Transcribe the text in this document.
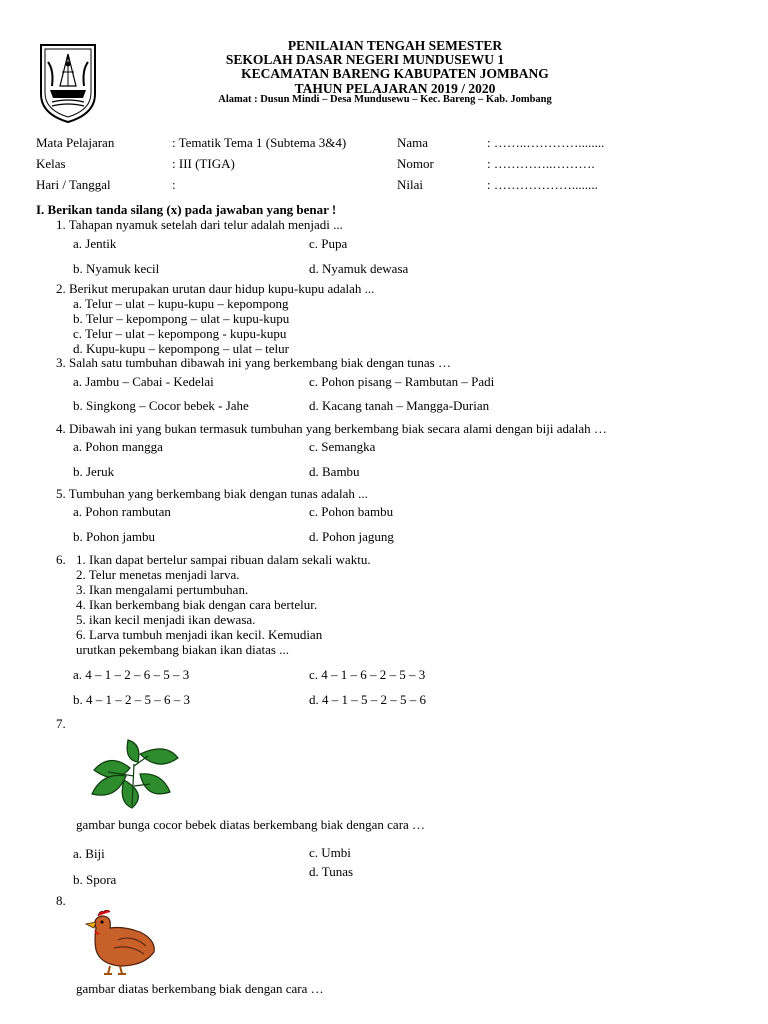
PENILAIAN TENGAH SEMESTER
SEKOLAH DASAR NEGERI MUNDUSEWU 1
KECAMATAN BARENG KABUPATEN JOMBANG
TAHUN PELAJARAN 2019 / 2020
Alamat : Dusun Mindi – Desa Mundusewu – Kec. Bareng – Kab. Jombang
Mata Pelajaran	: Tematik Tema 1 (Subtema 3&4)
Kelas	: III (TIGA)
Hari / Tanggal	:
Nama	: ……..…………........
Nomor	: …………..……….
Nilai	: ………………........
I. Berikan tanda silang (x) pada jawaban yang benar !
1. Tahapan nyamuk setelah dari telur adalah menjadi ...
a. Jentik	c. Pupa
b. Nyamuk kecil	d. Nyamuk dewasa
2. Berikut merupakan urutan daur hidup kupu-kupu adalah ...
a. Telur – ulat – kupu-kupu – kepompong
b. Telur – kepompong – ulat – kupu-kupu
c. Telur – ulat – kepompong - kupu-kupu
d. Kupu-kupu – kepompong – ulat – telur
3. Salah satu tumbuhan dibawah ini yang berkembang biak dengan tunas …
a. Jambu – Cabai - Kedelai	c. Pohon pisang – Rambutan – Padi
b. Singkong – Cocor bebek - Jahe	d. Kacang tanah – Mangga-Durian
4. Dibawah ini yang bukan termasuk tumbuhan yang berkembang biak secara alami dengan biji adalah …
a. Pohon mangga	c. Semangka
b. Jeruk	d. Bambu
5. Tumbuhan yang berkembang biak dengan tunas adalah ...
a. Pohon rambutan	c. Pohon bambu
b. Pohon jambu	d. Pohon jagung
6. 1. Ikan dapat bertelur sampai ribuan dalam sekali waktu.
2. Telur menetas menjadi larva.
3. Ikan mengalami pertumbuhan.
4. Ikan berkembang biak dengan cara bertelur.
5. ikan kecil menjadi ikan dewasa.
6. Larva tumbuh menjadi ikan kecil. Kemudian
urutkan pekembang biakan ikan diatas ...
a. 4 – 1 – 2 – 6 – 5 – 3	c. 4 – 1 – 6 – 2 – 5 – 3
b. 4 – 1 – 2 – 5 – 6 – 3	d. 4 – 1 – 5 – 2 – 5 – 6
7.
gambar bunga cocor bebek diatas berkembang biak dengan cara …
a. Biji	c. Umbi
b. Spora
d. Tunas
8.
gambar diatas berkembang biak dengan cara …
